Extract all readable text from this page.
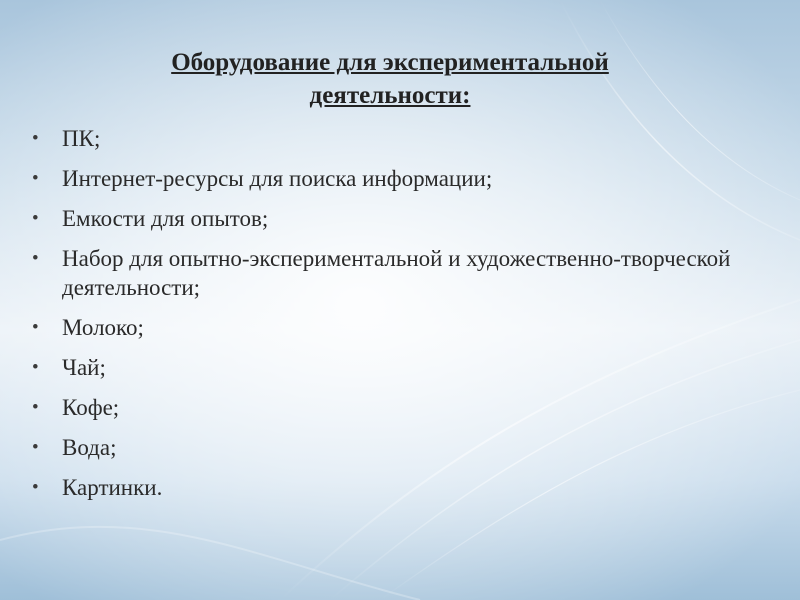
Оборудование для экспериментальной деятельности:
• ПК;
• Интернет-ресурсы для поиска информации;
• Емкости для опытов;
• Набор для опытно-экспериментальной и художественно-творческой деятельности;
• Молоко;
• Чай;
• Кофе;
• Вода;
• Картинки.
